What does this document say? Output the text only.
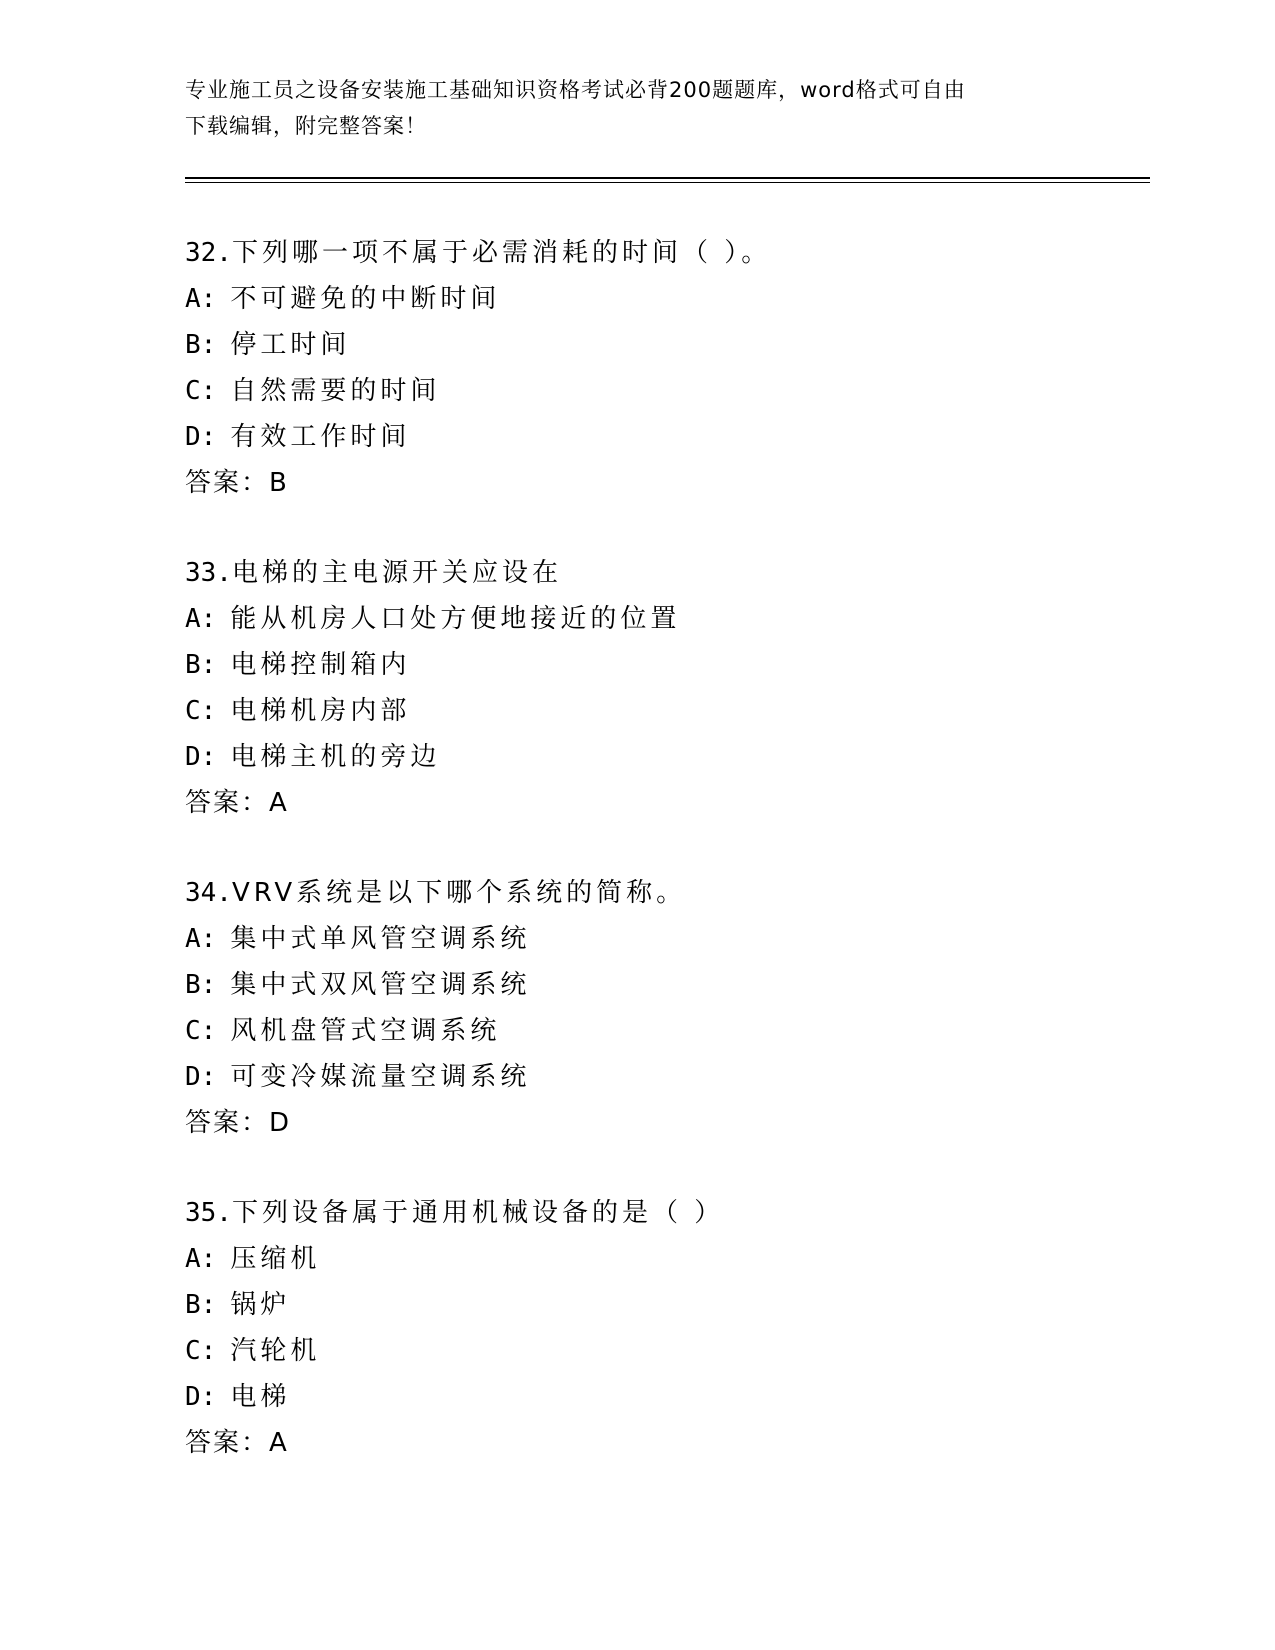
专业施工员之设备安装施工基础知识资格考试必背200题题库，word格式可自由
下载编辑，附完整答案！
32.下列哪一项不属于必需消耗的时间（ ）。
A: 不可避免的中断时间
B: 停工时间
C: 自然需要的时间
D: 有效工作时间
答案：B
33.电梯的主电源开关应设在
A: 能从机房人口处方便地接近的位置
B: 电梯控制箱内
C: 电梯机房内部
D: 电梯主机的旁边
答案：A
34.VRV系统是以下哪个系统的简称。
A: 集中式单风管空调系统
B: 集中式双风管空调系统
C: 风机盘管式空调系统
D: 可变冷媒流量空调系统
答案：D
35.下列设备属于通用机械设备的是（ ）
A: 压缩机
B: 锅炉
C: 汽轮机
D: 电梯
答案：A
